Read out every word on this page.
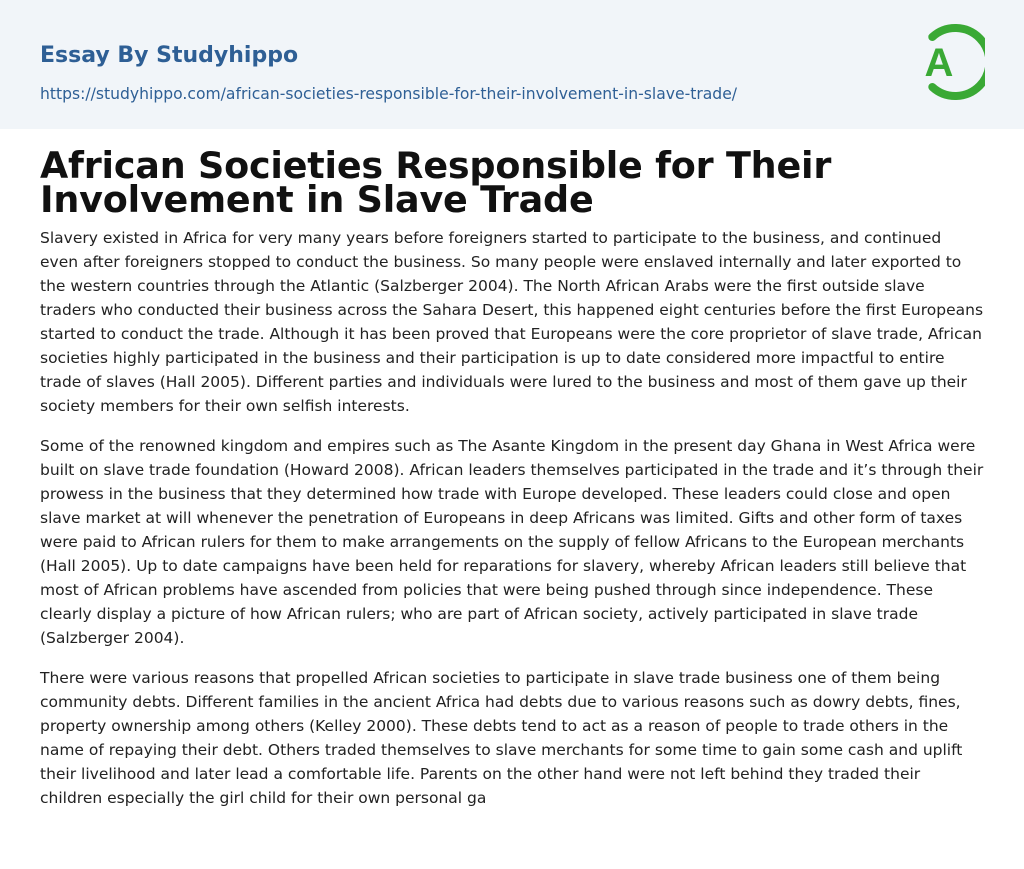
Essay By Studyhippo
https://studyhippo.com/african-societies-responsible-for-their-involvement-in-slave-trade/
A
African Societies Responsible for Their Involvement in Slave Trade

Slavery existed in Africa for very many years before foreigners started to participate to the business, and continued even after foreigners stopped to conduct the business. So many people were enslaved internally and later exported to the western countries through the Atlantic (Salzberger 2004). The North African Arabs were the first outside slave traders who conducted their business across the Sahara Desert, this happened eight centuries before the first Europeans started to conduct the trade. Although it has been proved that Europeans were the core proprietor of slave trade, African societies highly participated in the business and their participation is up to date considered more impactful to entire trade of slaves (Hall 2005). Different parties and individuals were lured to the business and most of them gave up their society members for their own selfish interests.

Some of the renowned kingdom and empires such as The Asante Kingdom in the present day Ghana in West Africa were built on slave trade foundation (Howard 2008). African leaders themselves participated in the trade and it’s through their prowess in the business that they determined how trade with Europe developed. These leaders could close and open slave market at will whenever the penetration of Europeans in deep Africans was limited. Gifts and other form of taxes were paid to African rulers for them to make arrangements on the supply of fellow Africans to the European merchants (Hall 2005). Up to date campaigns have been held for reparations for slavery, whereby African leaders still believe that most of African problems have ascended from policies that were being pushed through since independence. These clearly display a picture of how African rulers; who are part of African society, actively participated in slave trade (Salzberger 2004).

There were various reasons that propelled African societies to participate in slave trade business one of them being community debts. Different families in the ancient Africa had debts due to various reasons such as dowry debts, fines, property ownership among others (Kelley 2000). These debts tend to act as a reason of people to trade others in the name of repaying their debt. Others traded themselves to slave merchants for some time to gain some cash and uplift their livelihood and later lead a comfortable life. Parents on the other hand were not left behind they traded their children especially the girl child for their own personal ga
